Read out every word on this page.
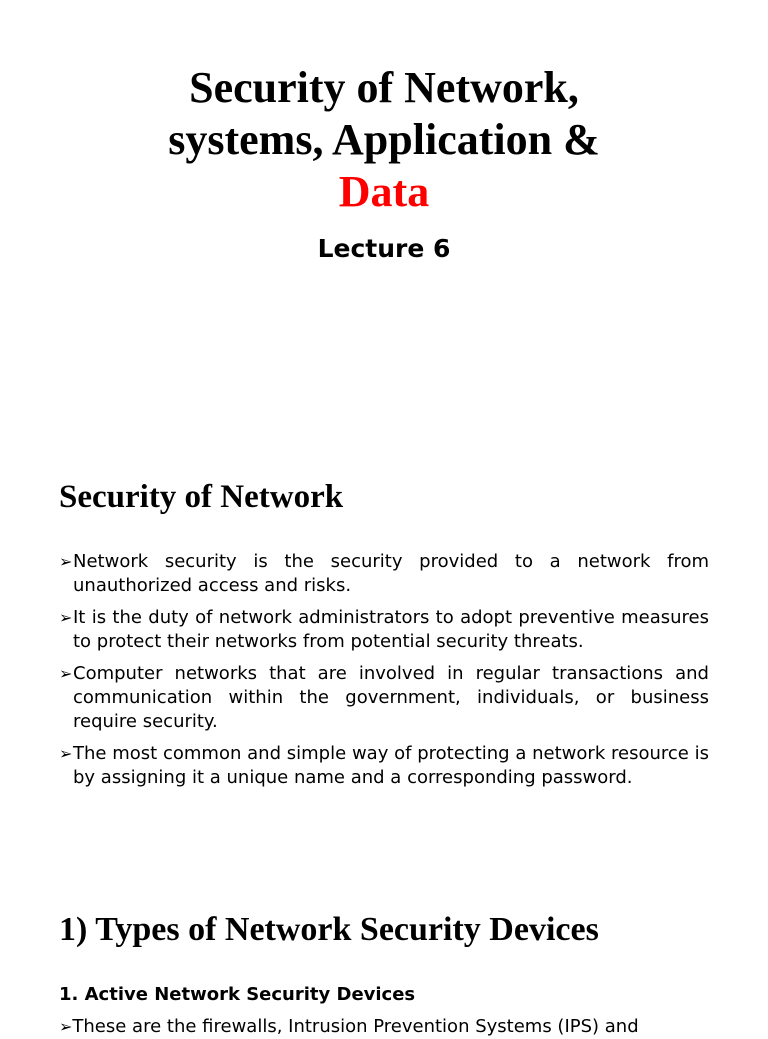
Security of Network,
systems, Application &
Data
Lecture 6
Security of Network
➢ Network security is the security provided to a network from unauthorized access and risks.
➢ It is the duty of network administrators to adopt preventive measures to protect their networks from potential security threats.
➢ Computer networks that are involved in regular transactions and communication within the government, individuals, or business require security.
➢ The most common and simple way of protecting a network resource is by assigning it a unique name and a corresponding password.
1) Types of Network Security Devices
1. Active Network Security Devices
➢These are the firewalls, Intrusion Prevention Systems (IPS) and
